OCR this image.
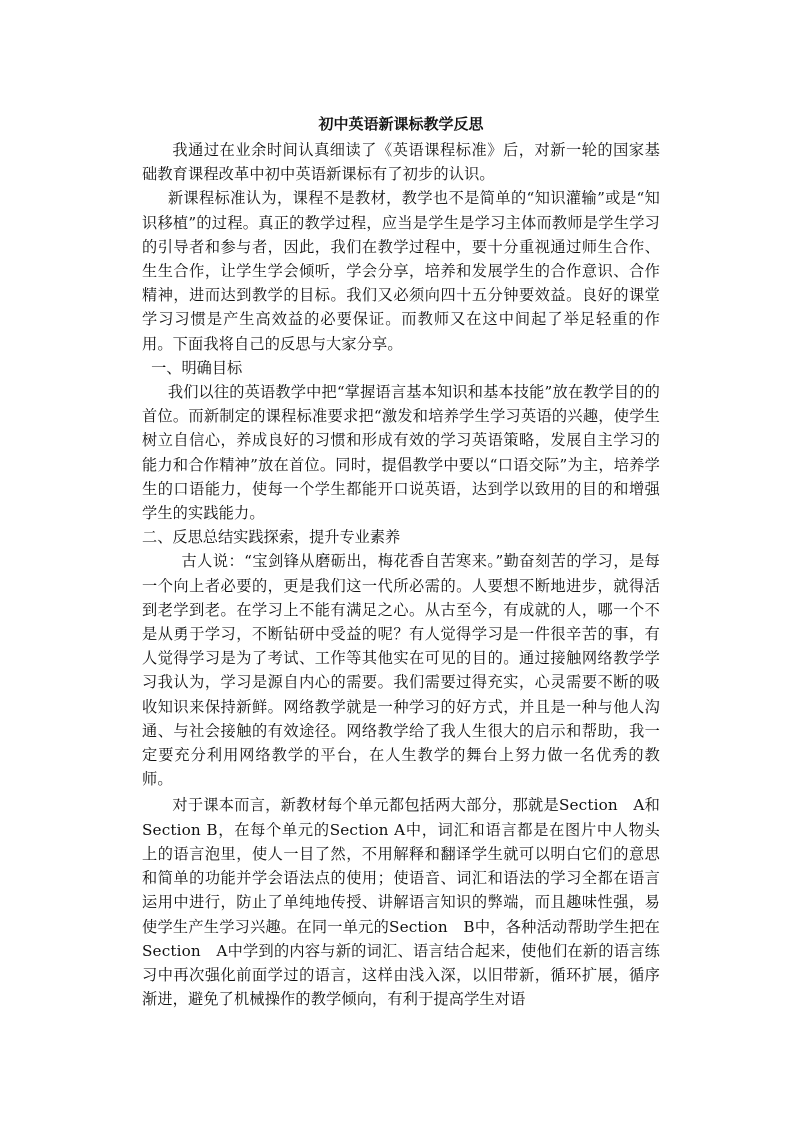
初中英语新课标教学反思

我通过在业余时间认真细读了《英语课程标准》后，对新一轮的国家基础教育课程改革中初中英语新课标有了初步的认识。

新课程标准认为，课程不是教材，教学也不是简单的“知识灌输”或是“知识移植”的过程。真正的教学过程，应当是学生是学习主体而教师是学生学习的引导者和参与者，因此，我们在教学过程中，要十分重视通过师生合作、生生合作，让学生学会倾听，学会分享，培养和发展学生的合作意识、合作精神，进而达到教学的目标。我们又必须向四十五分钟要效益。良好的课堂学习习惯是产生高效益的必要保证。而教师又在这中间起了举足轻重的作用。下面我将自己的反思与大家分享。

一、明确目标

我们以往的英语教学中把“掌握语言基本知识和基本技能”放在教学目的的首位。而新制定的课程标准要求把“激发和培养学生学习英语的兴趣，使学生树立自信心，养成良好的习惯和形成有效的学习英语策略，发展自主学习的能力和合作精神”放在首位。同时，提倡教学中要以“口语交际”为主，培养学生的口语能力，使每一个学生都能开口说英语，达到学以致用的目的和增强学生的实践能力。

二、反思总结实践探索，提升专业素养

古人说：“宝剑锋从磨砺出，梅花香自苦寒来。”勤奋刻苦的学习，是每一个向上者必要的，更是我们这一代所必需的。人要想不断地进步，就得活到老学到老。在学习上不能有满足之心。从古至今，有成就的人，哪一个不是从勇于学习，不断钻研中受益的呢？有人觉得学习是一件很辛苦的事，有人觉得学习是为了考试、工作等其他实在可见的目的。通过接触网络教学学习我认为，学习是源自内心的需要。我们需要过得充实，心灵需要不断的吸收知识来保持新鲜。网络教学就是一种学习的好方式，并且是一种与他人沟通、与社会接触的有效途径。网络教学给了我人生很大的启示和帮助，我一定要充分利用网络教学的平台，在人生教学的舞台上努力做一名优秀的教师。

对于课本而言，新教材每个单元都包括两大部分，那就是Section　A和Section B，在每个单元的Section A中，词汇和语言都是在图片中人物头上的语言泡里，使人一目了然，不用解释和翻译学生就可以明白它们的意思和简单的功能并学会语法点的使用；使语音、词汇和语法的学习全都在语言运用中进行，防止了单纯地传授、讲解语言知识的弊端，而且趣味性强，易使学生产生学习兴趣。在同一单元的Section　B中，各种活动帮助学生把在Section　A中学到的内容与新的词汇、语言结合起来，使他们在新的语言练习中再次强化前面学过的语言，这样由浅入深，以旧带新，循环扩展，循序渐进，避免了机械操作的教学倾向，有利于提高学生对语
